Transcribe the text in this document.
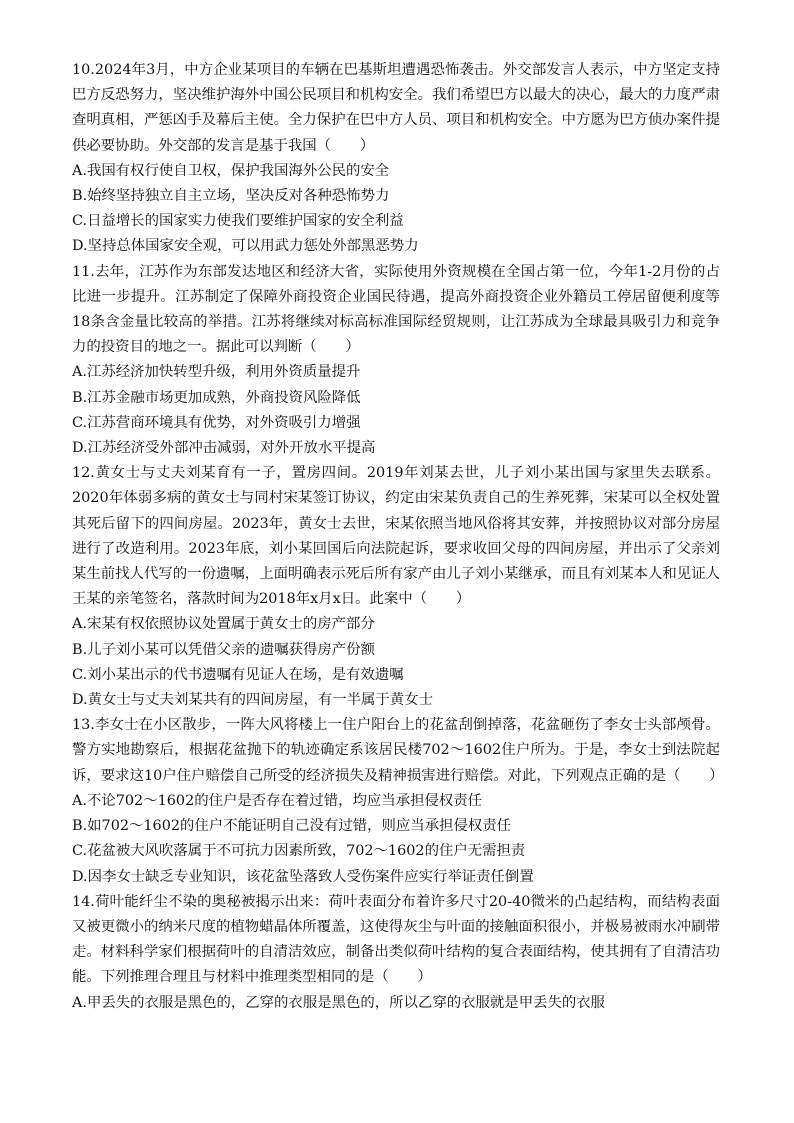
10.2024年3月，中方企业某项目的车辆在巴基斯坦遭遇恐怖袭击。外交部发言人表示，中方坚定支持巴方反恐努力，坚决维护海外中国公民项目和机构安全。我们希望巴方以最大的决心，最大的力度严肃查明真相，严惩凶手及幕后主使。全力保护在巴中方人员、项目和机构安全。中方愿为巴方侦办案件提供必要协助。外交部的发言是基于我国（　　）

A.我国有权行使自卫权，保护我国海外公民的安全

B.始终坚持独立自主立场，坚决反对各种恐怖势力

C.日益增长的国家实力使我们要维护国家的安全利益

D.坚持总体国家安全观，可以用武力惩处外部黑恶势力

11.去年，江苏作为东部发达地区和经济大省，实际使用外资规模在全国占第一位，今年1-2月份的占比进一步提升。江苏制定了保障外商投资企业国民待遇，提高外商投资企业外籍员工停居留便利度等18条含金量比较高的举措。江苏将继续对标高标准国际经贸规则，让江苏成为全球最具吸引力和竞争力的投资目的地之一。据此可以判断（　　）

A.江苏经济加快转型升级，利用外资质量提升

B.江苏金融市场更加成熟，外商投资风险降低

C.江苏营商环境具有优势，对外资吸引力增强

D.江苏经济受外部冲击减弱，对外开放水平提高

12.黄女士与丈夫刘某育有一子，置房四间。2019年刘某去世，儿子刘小某出国与家里失去联系。2020年体弱多病的黄女士与同村宋某签订协议，约定由宋某负责自己的生养死葬，宋某可以全权处置其死后留下的四间房屋。2023年，黄女士去世，宋某依照当地风俗将其安葬，并按照协议对部分房屋进行了改造利用。2023年底，刘小某回国后向法院起诉，要求收回父母的四间房屋，并出示了父亲刘某生前找人代写的一份遗嘱，上面明确表示死后所有家产由儿子刘小某继承，而且有刘某本人和见证人王某的亲笔签名，落款时间为2018年x月x日。此案中（　　）

A.宋某有权依照协议处置属于黄女士的房产部分

B.儿子刘小某可以凭借父亲的遗嘱获得房产份额

C.刘小某出示的代书遗嘱有见证人在场，是有效遗嘱

D.黄女士与丈夫刘某共有的四间房屋，有一半属于黄女士

13.李女士在小区散步，一阵大风将楼上一住户阳台上的花盆刮倒掉落，花盆砸伤了李女士头部颅骨。警方实地勘察后，根据花盆抛下的轨迹确定系该居民楼702～1602住户所为。于是，李女士到法院起诉，要求这10户住户赔偿自己所受的经济损失及精神损害进行赔偿。对此，下列观点正确的是（　　）

A.不论702～1602的住户是否存在着过错，均应当承担侵权责任

B.如702～1602的住户不能证明自己没有过错，则应当承担侵权责任

C.花盆被大风吹落属于不可抗力因素所致，702～1602的住户无需担责

D.因李女士缺乏专业知识，该花盆坠落致人受伤案件应实行举证责任倒置

14.荷叶能纤尘不染的奥秘被揭示出来：荷叶表面分布着许多尺寸20-40微米的凸起结构，而结构表面又被更微小的纳米尺度的植物蜡晶体所覆盖，这使得灰尘与叶面的接触面积很小，并极易被雨水冲刷带走。材料科学家们根据荷叶的自清洁效应，制备出类似荷叶结构的复合表面结构，使其拥有了自清洁功能。下列推理合理且与材料中推理类型相同的是（　　）

A.甲丢失的衣服是黑色的，乙穿的衣服是黑色的，所以乙穿的衣服就是甲丢失的衣服
